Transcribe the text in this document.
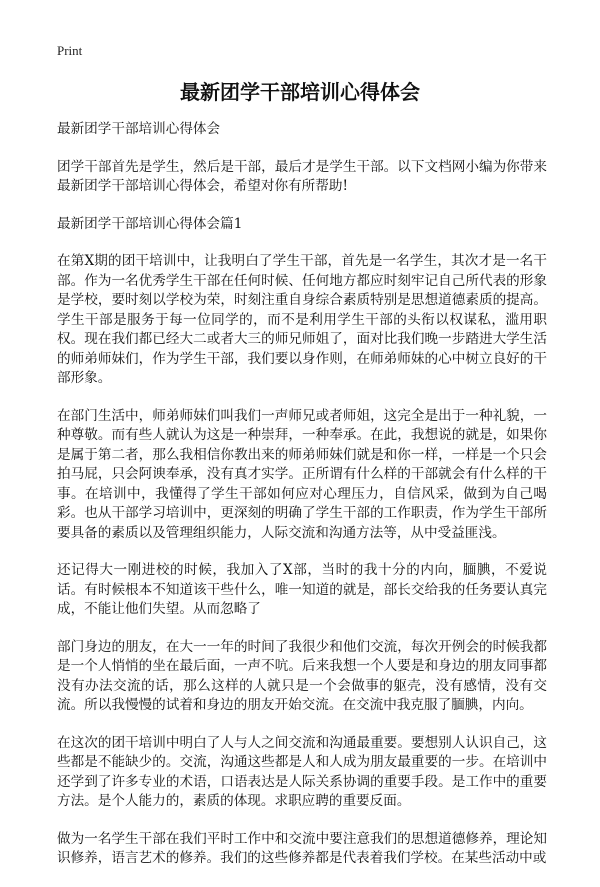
Print
最新团学干部培训心得体会

最新团学干部培训心得体会

团学干部首先是学生，然后是干部，最后才是学生干部。以下文档网小编为你带来最新团学干部培训心得体会，希望对你有所帮助!

最新团学干部培训心得体会篇1

在第X期的团干培训中，让我明白了学生干部，首先是一名学生，其次才是一名干部。作为一名优秀学生干部在任何时候、任何地方都应时刻牢记自己所代表的形象是学校，要时刻以学校为荣，时刻注重自身综合素质特别是思想道德素质的提高。学生干部是服务于每一位同学的，而不是利用学生干部的头衔以权谋私，滥用职权。现在我们都已经大二或者大三的师兄师姐了，面对比我们晚一步踏进大学生活的师弟师妹们，作为学生干部，我们要以身作则，在师弟师妹的心中树立良好的干部形象。

在部门生活中，师弟师妹们叫我们一声师兄或者师姐，这完全是出于一种礼貌，一种尊敬。而有些人就认为这是一种崇拜，一种奉承。在此，我想说的就是，如果你是属于第二者，那么我相信你教出来的师弟师妹们就是和你一样，一样是一个只会拍马屁，只会阿谀奉承，没有真才实学。正所谓有什么样的干部就会有什么样的干事。在培训中，我懂得了学生干部如何应对心理压力，自信风采，做到为自己喝彩。也从干部学习培训中，更深刻的明确了学生干部的工作职责，作为学生干部所要具备的素质以及管理组织能力，人际交流和沟通方法等，从中受益匪浅。

还记得大一刚进校的时候，我加入了X部，当时的我十分的内向，腼腆，不爱说话。有时候根本不知道该干些什么，唯一知道的就是，部长交给我的任务要认真完成，不能让他们失望。从而忽略了

部门身边的朋友，在大一一年的时间了我很少和他们交流，每次开例会的时候我都是一个人悄悄的坐在最后面，一声不吭。后来我想一个人要是和身边的朋友同事都没有办法交流的话，那么这样的人就只是一个会做事的躯壳，没有感情，没有交流。所以我慢慢的试着和身边的朋友开始交流。在交流中我克服了腼腆，内向。

在这次的团干培训中明白了人与人之间交流和沟通最重要。要想别人认识自己，这些都是不能缺少的。交流，沟通这些都是人和人成为朋友最重要的一步。在培训中还学到了许多专业的术语，口语表达是人际关系协调的重要手段。是工作中的重要方法。是个人能力的，素质的体现。求职应聘的重要反面。

做为一名学生干部在我们平时工作中和交流中要注意我们的思想道德修养，理论知识修养，语言艺术的修养。我们的这些修养都是代表着我们学校。在某些活动中或
